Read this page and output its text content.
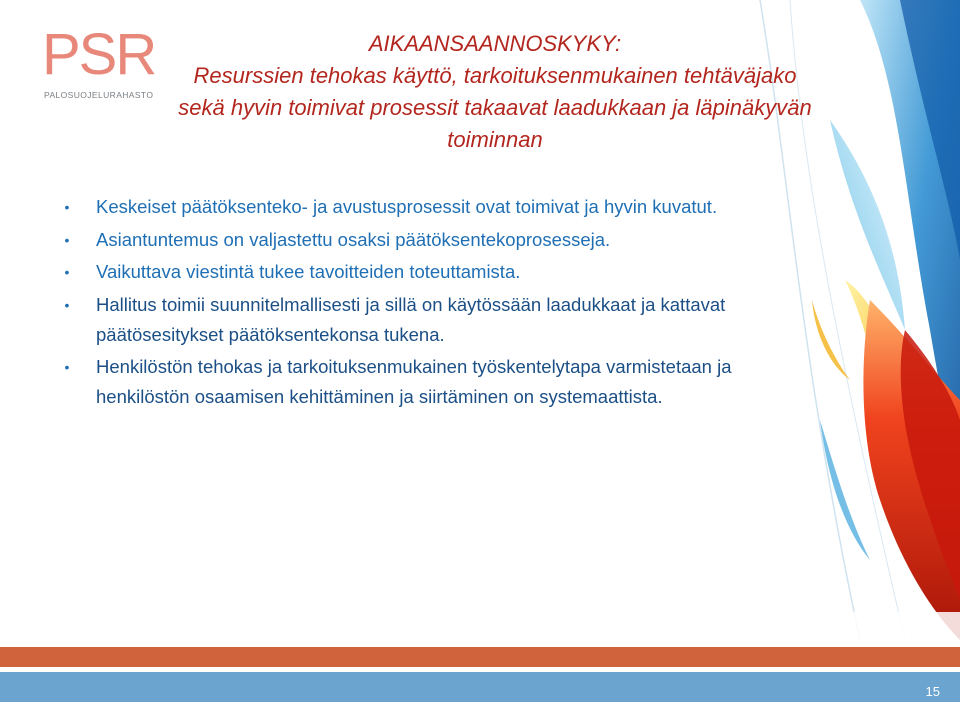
PSR
PALOSUOJELURAHASTO
AIKAANSAANNOSKYKY:
Resurssien tehokas käyttö, tarkoituksenmukainen tehtäväjako
sekä hyvin toimivat prosessit takaavat laadukkaan ja läpinäkyvän
toiminnan
• Keskeiset päätöksenteko- ja avustusprosessit ovat toimivat ja hyvin kuvatut.
• Asiantuntemus on valjastettu osaksi päätöksentekoprosesseja.
• Vaikuttava viestintä tukee tavoitteiden toteuttamista.
• Hallitus toimii suunnitelmallisesti ja sillä on käytössään laadukkaat ja kattavat
päätösesitykset päätöksentekonsa tukena.
• Henkilöstön tehokas ja tarkoituksenmukainen työskentelytapa varmistetaan ja
henkilöstön osaamisen kehittäminen ja siirtäminen on systemaattista.
15
